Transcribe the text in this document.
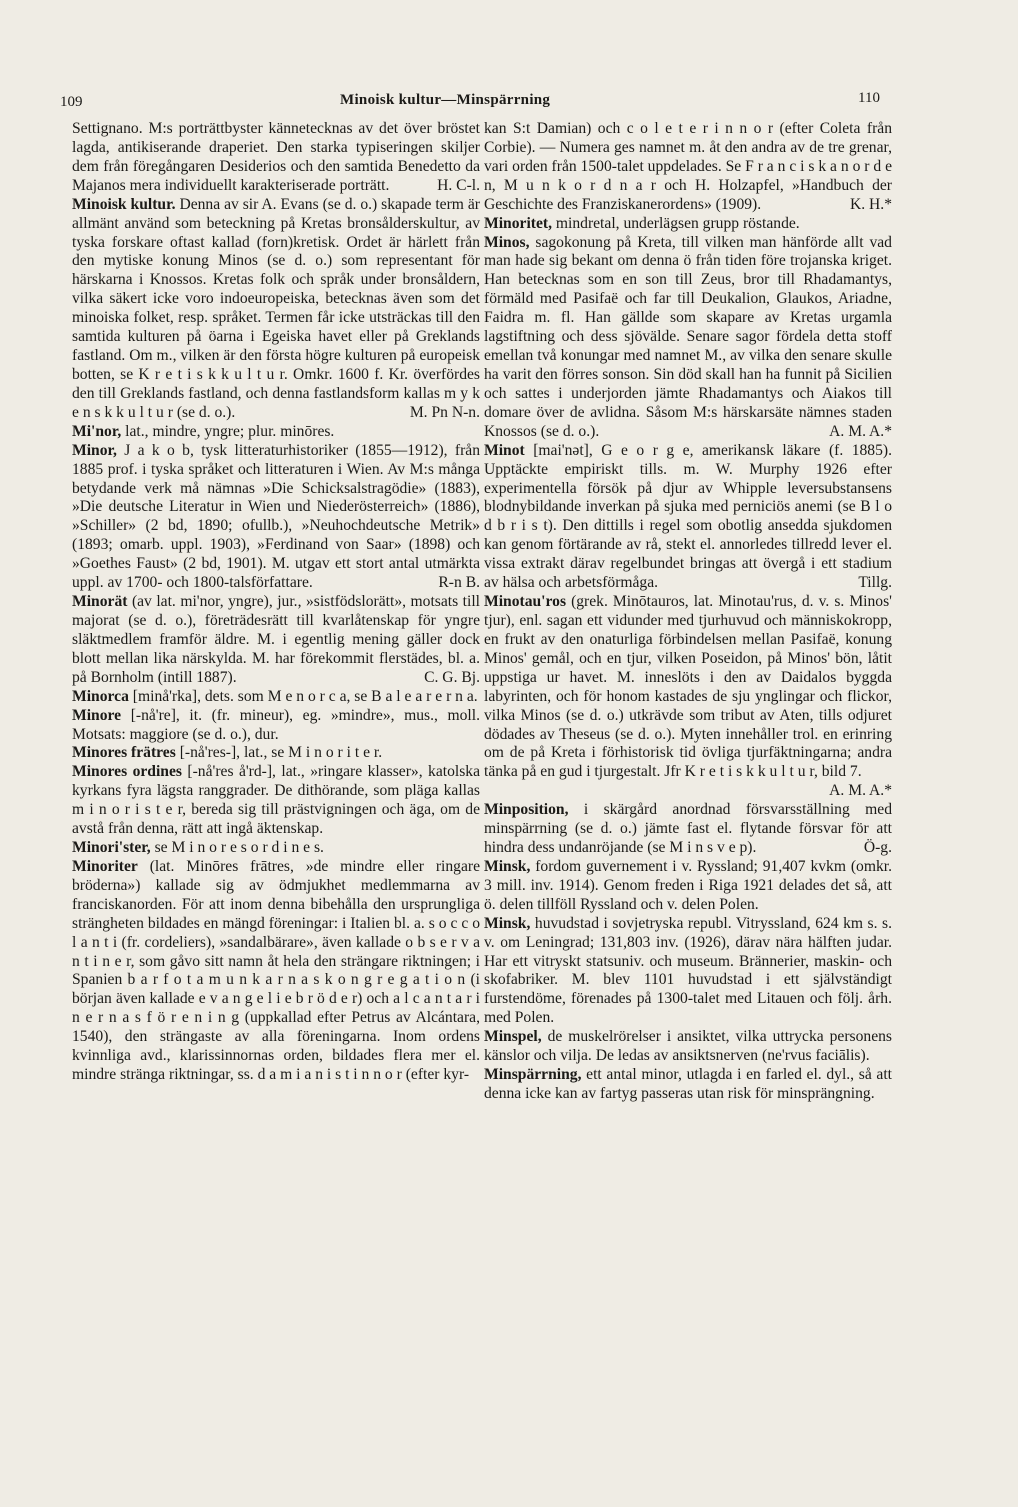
109	Minoisk kultur—Minspärrning	110

Settignano. M:s porträttbyster kännetecknas av det över bröstet lagda, antikiserande draperiet. Den starka typiseringen skiljer dem från föregångaren Desiderios och den samtida Benedetto da Majanos mera individuellt karakteriserade porträtt.	H. C-l.

Minoisk kultur. Denna av sir A. Evans (se d. o.) skapade term är allmänt använd som beteckning på Kretas bronsålderskultur, av tyska forskare oftast kallad (forn)kretisk. Ordet är härlett från den mytiske konung Minos (se d. o.) som representant för härskarna i Knossos. Kretas folk och språk under bronsåldern, vilka säkert icke voro indoeuropeiska, betecknas även som det minoiska folket, resp. språket. Termen får icke utsträckas till den samtida kulturen på öarna i Egeiska havet eller på Greklands fastland. Om m., vilken är den första högre kulturen på europeisk botten, se K r e t i s k k u l t u r. Omkr. 1600 f. Kr. överfördes den till Greklands fastland, och denna fastlandsform kallas m y k e n s k k u l t u r (se d. o.).	M. Pn N-n.

Mi'nor, lat., mindre, yngre; plur. minōres.

Minor, J a k o b, tysk litteraturhistoriker (1855—1912), från 1885 prof. i tyska språket och litteraturen i Wien. Av M:s många betydande verk må nämnas »Die Schicksalstragödie» (1883), »Die deutsche Literatur in Wien und Niederösterreich» (1886), »Schiller» (2 bd, 1890; ofullb.), »Neuhochdeutsche Metrik» (1893; omarb. uppl. 1903), »Ferdinand von Saar» (1898) och »Goethes Faust» (2 bd, 1901). M. utgav ett stort antal utmärkta uppl. av 1700- och 1800-talsförfattare.	R-n B.

Minorät (av lat. mi'nor, yngre), jur., »sistfödslorätt», motsats till majorat (se d. o.), företrädesrätt till kvarlåtenskap för yngre släktmedlem framför äldre. M. i egentlig mening gäller dock blott mellan lika närskyldа. M. har förekommit flerstädes, bl. a. på Bornholm (intill 1887).	C. G. Bj.

Minorca [minå'rka], dets. som M e n o r c a, se B a l e a r e r n a.

Minore [-nå're], it. (fr. mineur), eg. »mindre», mus., moll. Motsats: maggiore (se d. o.), dur.

Minores frätres [-nå'res-], lat., se M i n o r i t e r.

Minores ordines [-nå'res å'rd-], lat., »ringare klasser», katolska kyrkans fyra lägsta ranggrader. De dithörande, som pläga kallas m i n o r i s t e r, bereda sig till prästvigningen och äga, om de avstå från denna, rätt att ingå äktenskap.

Minori'ster, se M i n o r e s o r d i n e s.

Minoriter (lat. Minōres frātres, »de mindre eller ringare bröderna») kallade sig av ödmjukhet medlemmarna av franciskanorden. För att inom denna bibehålla den ursprungliga strängheten bildades en mängd föreningar: i Italien bl. a. s o c c o l a n t i (fr. cordeliers), »sandalbärare», även kallade o b s e r v a n t i n e r, som gåvo sitt namn åt hela den strängare riktningen; i Spanien b a r f o t a m u n k a r n a s k o n g r e g a t i o n (i början även kallade e v a n g e l i e b r ö d e r) och a l c a n t a r i n e r n a s f ö r e n i n g (uppkallad efter Petrus av Alcántara, 1540), den strängaste av alla föreningarna. Inom ordens kvinnliga avd., klarissinnornas orden, bildades flera mer el. mindre stränga riktningar, ss. d a m i a n i s t i n n o r (efter kyr-

kan S:t Damian) och c o l e t e r i n n o r (efter Coleta från Corbie). — Numera ges namnet m. åt den andra av de tre grenar, vari orden från 1500-talet uppdelades. Se F r a n c i s k a n o r d e n, M u n k o r d n a r och H. Holzapfel, »Handbuch der Geschichte des Franziskanerordens» (1909).	K. H.*

Minoritet, mindretal, underlägsen grupp röstande.

Minos, sagokonung på Kreta, till vilken man hänförde allt vad man hade sig bekant om denna ö från tiden före trojanska kriget. Han betecknas som en son till Zeus, bror till Rhadamantys, förmäld med Pasifaë och far till Deukalion, Glaukos, Ariadne, Faidra m. fl. Han gällde som skapare av Kretas urgamla lagstiftning och dess sjövälde. Senare sagor fördela detta stoff emellan två konungar med namnet M., av vilka den senare skulle ha varit den förres sonson. Sin död skall han ha funnit på Sicilien och sattes i underjorden jämte Rhadamantys och Aiakos till domare över de avlidna. Såsom M:s härskarsäte nämnes staden Knossos (se d. o.).	A. M. A.*

Minot [mai'nət], G e o r g e, amerikansk läkare (f. 1885). Upptäckte empiriskt tills. m. W. Murphy 1926 efter experimentella försök på djur av Whipple leversubstansens blodnybildande inverkan på sjuka med perniciös anemi (se B l o d b r i s t). Den dittills i regel som obotlig ansedda sjukdomen kan genom förtärande av rå, stekt el. annorledes tillredd lever el. vissa extrakt därav regelbundet bringas att övergå i ett stadium av hälsa och arbetsförmåga.	Tillg.

Minotau'ros (grek. Minōtauros, lat. Minotau'rus, d. v. s. Minos' tjur), enl. sagan ett vidunder med tjurhuvud och människokropp, en frukt av den onaturliga förbindelsen mellan Pasifaë, konung Minos' gemål, och en tjur, vilken Poseidon, på Minos' bön, låtit uppstiga ur havet. M. inneslöts i den av Daidalos byggda labyrinten, och för honom kastades de sju ynglingar och flickor, vilka Minos (se d. o.) utkrävde som tribut av Aten, tills odjuret dödades av Theseus (se d. o.). Myten innehåller trol. en erinring om de på Kreta i förhistorisk tid övliga tjurfäktningarna; andra tänka på en gud i tjurgestalt. Jfr K r e t i s k k u l t u r, bild 7.
A. M. A.*

Minposition, i skärgård anordnad försvarsställning med minspärrning (se d. o.) jämte fast el. flytande försvar för att hindra dess undanröjande (se M i n s v e p).	Ö-g.

Minsk, fordom guvernement i v. Ryssland; 91,407 kvkm (omkr. 3 mill. inv. 1914). Genom freden i Riga 1921 delades det så, att ö. delen tillföll Ryssland och v. delen Polen.

Minsk, huvudstad i sovjetryska republ. Vitryssland, 624 km s. s. v. om Leningrad; 131,803 inv. (1926), därav nära hälften judar. Har ett vitryskt statsuniv. och museum. Brännerier, maskin- och skofabriker. M. blev 1101 huvudstad i ett självständigt furstendöme, förenades på 1300-talet med Litauen och följ. årh. med Polen.

Minspel, de muskelrörelser i ansiktet, vilka uttrycka personens känslor och vilja. De ledas av ansiktsnerven (ne'rvus faciālis).

Minspärrning, ett antal minor, utlagda i en farled el. dyl., så att denna icke kan av fartyg passeras utan risk för minsprängning.
